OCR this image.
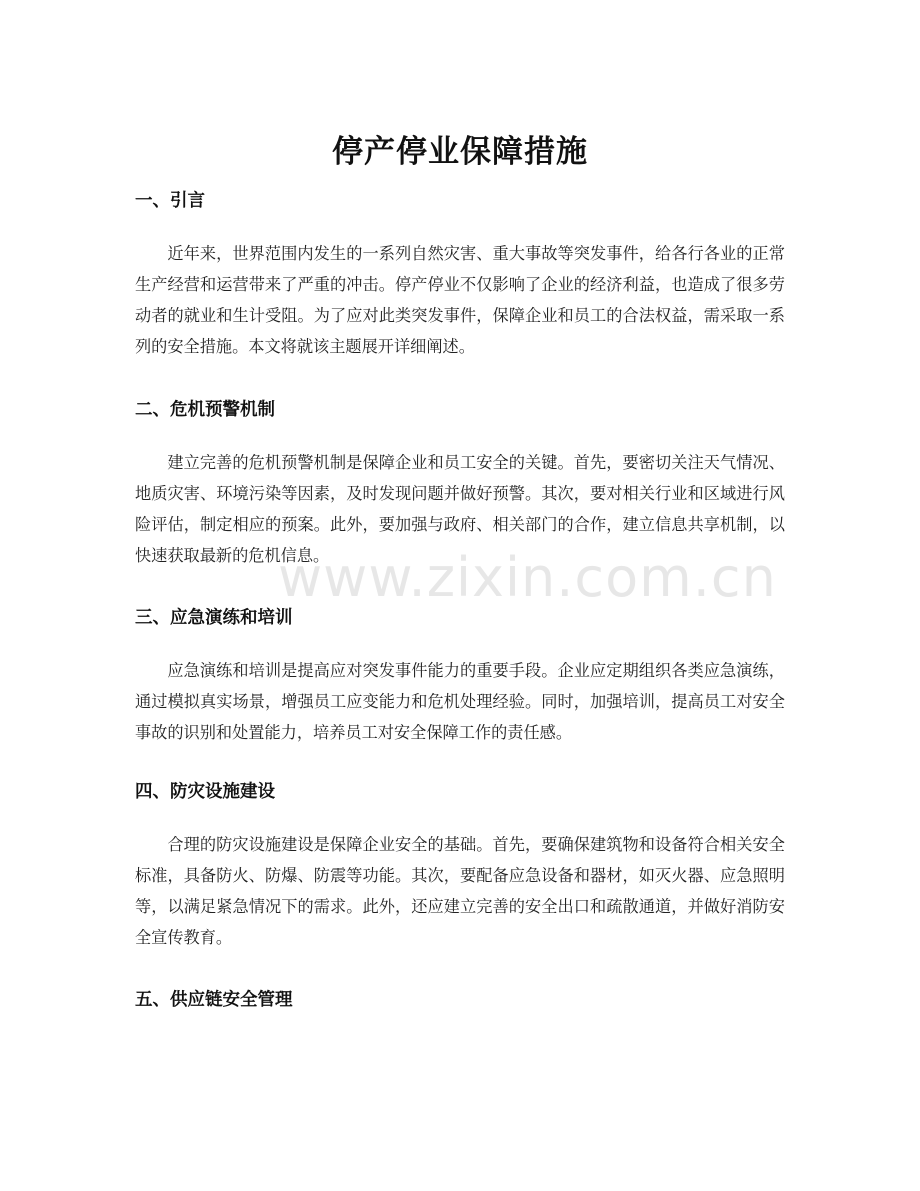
停产停业保障措施
一、引言

近年来，世界范围内发生的一系列自然灾害、重大事故等突发事件，给各行各业的正常生产经营和运营带来了严重的冲击。停产停业不仅影响了企业的经济利益，也造成了很多劳动者的就业和生计受阻。为了应对此类突发事件，保障企业和员工的合法权益，需采取一系列的安全措施。本文将就该主题展开详细阐述。

二、危机预警机制

建立完善的危机预警机制是保障企业和员工安全的关键。首先，要密切关注天气情况、地质灾害、环境污染等因素，及时发现问题并做好预警。其次，要对相关行业和区域进行风险评估，制定相应的预案。此外，要加强与政府、相关部门的合作，建立信息共享机制，以快速获取最新的危机信息。

三、应急演练和培训

应急演练和培训是提高应对突发事件能力的重要手段。企业应定期组织各类应急演练，通过模拟真实场景，增强员工应变能力和危机处理经验。同时，加强培训，提高员工对安全事故的识别和处置能力，培养员工对安全保障工作的责任感。

四、防灾设施建设

合理的防灾设施建设是保障企业安全的基础。首先，要确保建筑物和设备符合相关安全标准，具备防火、防爆、防震等功能。其次，要配备应急设备和器材，如灭火器、应急照明等，以满足紧急情况下的需求。此外，还应建立完善的安全出口和疏散通道，并做好消防安全宣传教育。

五、供应链安全管理
www.zixin.com.cn
